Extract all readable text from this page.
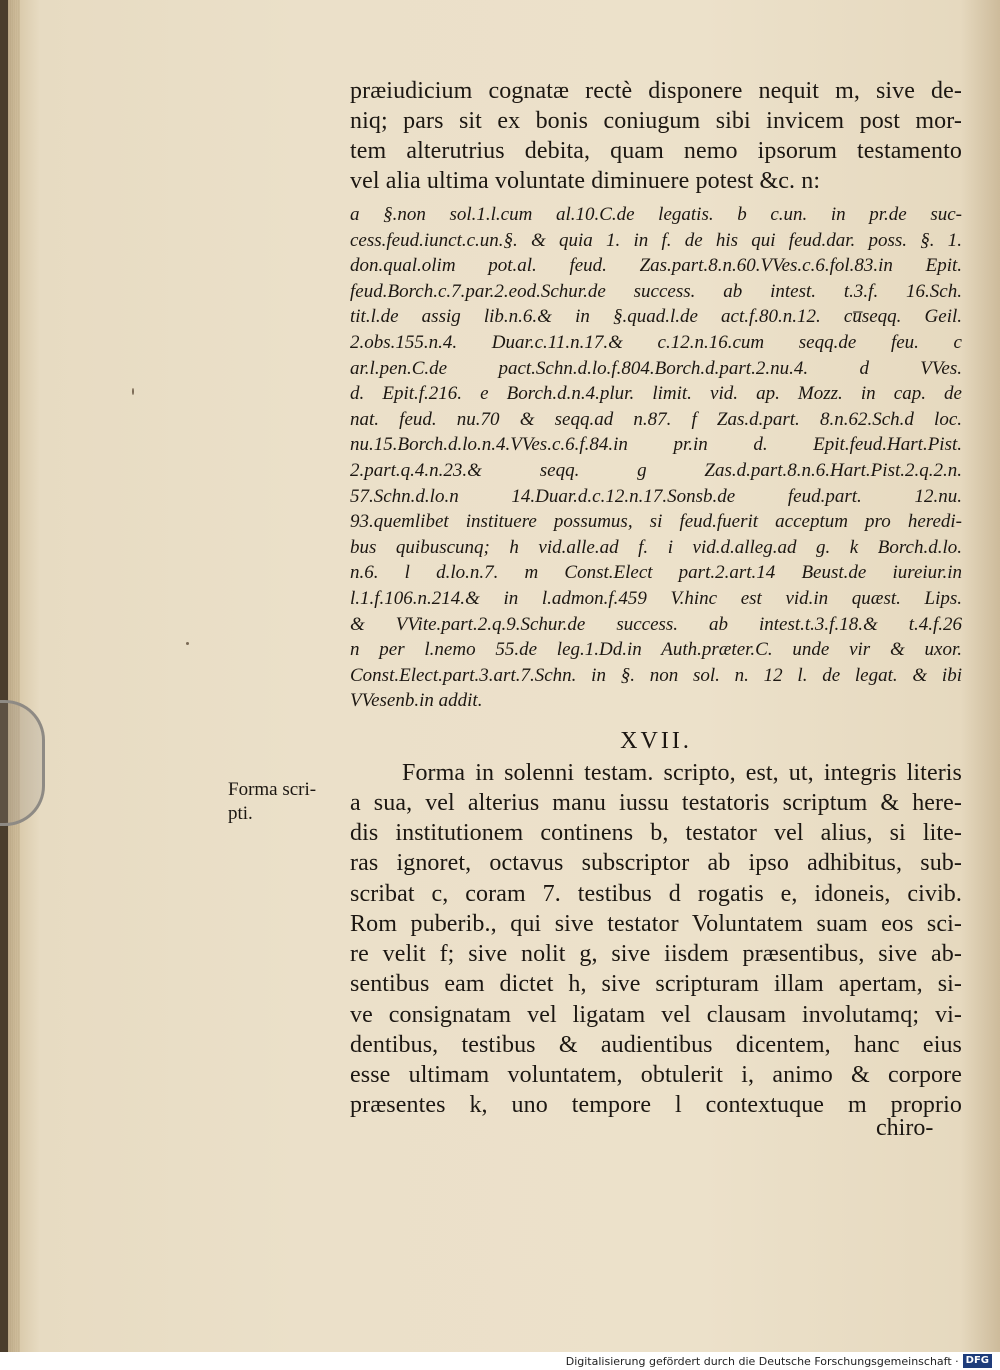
præiudicium cognatæ rectè disponere nequit m, sive de-
niq; pars sit ex bonis coniugum sibi invicem post mor-
tem alterutrius debita, quam nemo ipsorum testamento
vel alia ultima voluntate diminuere potest &c. n:
a §.non sol.1.l.cum al.10.C.de legatis. b c.un. in pr.de suc-
cess.feud.iunct.c.un.§. & quia 1. in f. de his qui feud.dar. poss. §. 1.
don.qual.olim pot.al. feud. Zas.part.8.n.60.VVes.c.6.fol.83.in Epit.
feud.Borch.c.7.par.2.eod.Schur.de success. ab intest. t.3.f. 16.Sch.
tit.l.de assig lib.n.6.& in §.quad.l.de act.f.80.n.12. cu̅seqq. Geil.
2.obs.155.n.4. Duar.c.11.n.17.& c.12.n.16.cum seqq.de feu. c
ar.l.pen.C.de pact.Schn.d.lo.f.804.Borch.d.part.2.nu.4. d VVes.
d. Epit.f.216. e Borch.d.n.4.plur. limit. vid. ap. Mozz. in cap. de
nat. feud. nu.70 & seqq.ad n.87. f Zas.d.part. 8.n.62.Sch.d loc.
nu.15.Borch.d.lo.n.4.VVes.c.6.f.84.in pr.in d. Epit.feud.Hart.Pist.
2.part.q.4.n.23.& seqq. g Zas.d.part.8.n.6.Hart.Pist.2.q.2.n.
57.Schn.d.lo.n 14.Duar.d.c.12.n.17.Sonsb.de feud.part. 12.nu.
93.quemlibet instituere possumus, si feud.fuerit acceptum pro heredi-
bus quibuscunq; h vid.alle.ad f. i vid.d.alleg.ad g. k Borch.d.lo.
n.6. l d.lo.n.7. m Const.Elect part.2.art.14 Beust.de iureiur.in
l.1.f.106.n.214.& in l.admon.f.459 V.hinc est vid.in quæst. Lips.
& VVite.part.2.q.9.Schur.de success. ab intest.t.3.f.18.& t.4.f.26
n per l.nemo 55.de leg.1.Dd.in Auth.præter.C. unde vir & uxor.
Const.Elect.part.3.art.7.Schn. in §. non sol. n. 12 l. de legat. & ibi
VVesenb.in addit.
XVII.
Forma in solenni testam. scripto, est, ut, integris literis
a sua, vel alterius manu iussu testatoris scriptum & here-
dis institutionem continens b, testator vel alius, si lite-
ras ignoret, octavus subscriptor ab ipso adhibitus, sub-
scribat c, coram 7. testibus d rogatis e, idoneis, civib.
Rom puberib., qui sive testator Voluntatem suam eos sci-
re velit f; sive nolit g, sive iisdem præsentibus, sive ab-
sentibus eam dictet h, sive scripturam illam apertam, si-
ve consignatam vel ligatam vel clausam involutamq; vi-
dentibus, testibus & audientibus dicentem, hanc eius
esse ultimam voluntatem, obtulerit i, animo & corpore
præsentes k, uno tempore l contextuque m proprio
Forma scri-
pti.
chiro-
Digitalisierung gefördert durch die Deutsche Forschungsgemeinschaft · DFG
